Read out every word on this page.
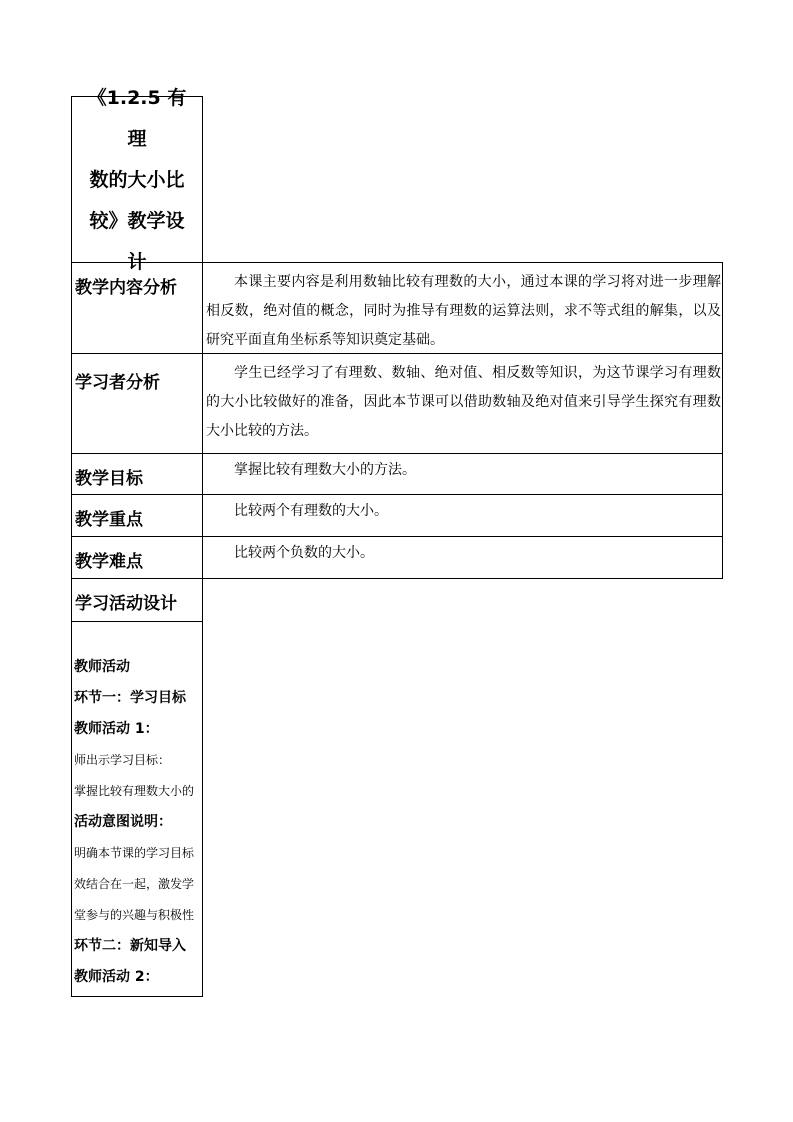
《1.2.5 有理
数的大小比
较》教学设
计
教学内容分析	本课主要内容是利用数轴比较有理数的大小，通过本课的学习将对进一步理解相反数，绝对值的概念，同时为推导有理数的运算法则，求不等式组的解集，以及研究平面直角坐标系等知识奠定基础。
学习者分析	学生已经学习了有理数、数轴、绝对值、相反数等知识，为这节课学习有理数的大小比较做好的准备，因此本节课可以借助数轴及绝对值来引导学生探究有理数大小比较的方法。
教学目标	掌握比较有理数大小的方法。
教学重点	比较两个有理数的大小。
教学难点	比较两个负数的大小。
学习活动设计
教师活动
环节一：学习目标
教师活动 1：
师出示学习目标：
掌握比较有理数大小的
活动意图说明：
明确本节课的学习目标
效结合在一起，激发学
堂参与的兴趣与积极性
环节二：新知导入
教师活动 2：
